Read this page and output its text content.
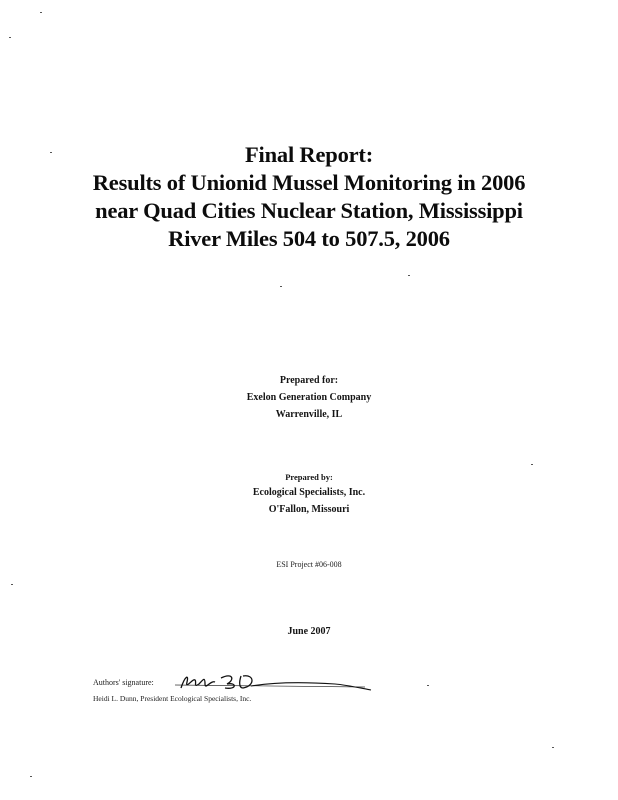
Final Report:
Results of Unionid Mussel Monitoring in 2006
near Quad Cities Nuclear Station, Mississippi
River Miles 504 to 507.5, 2006
Prepared for:
Exelon Generation Company
Warrenville, IL
Prepared by:
Ecological Specialists, Inc.
O'Fallon, Missouri
ESI Project #06-008
June 2007
Authors' signature:
Heidi L. Dunn, President Ecological Specialists, Inc.
